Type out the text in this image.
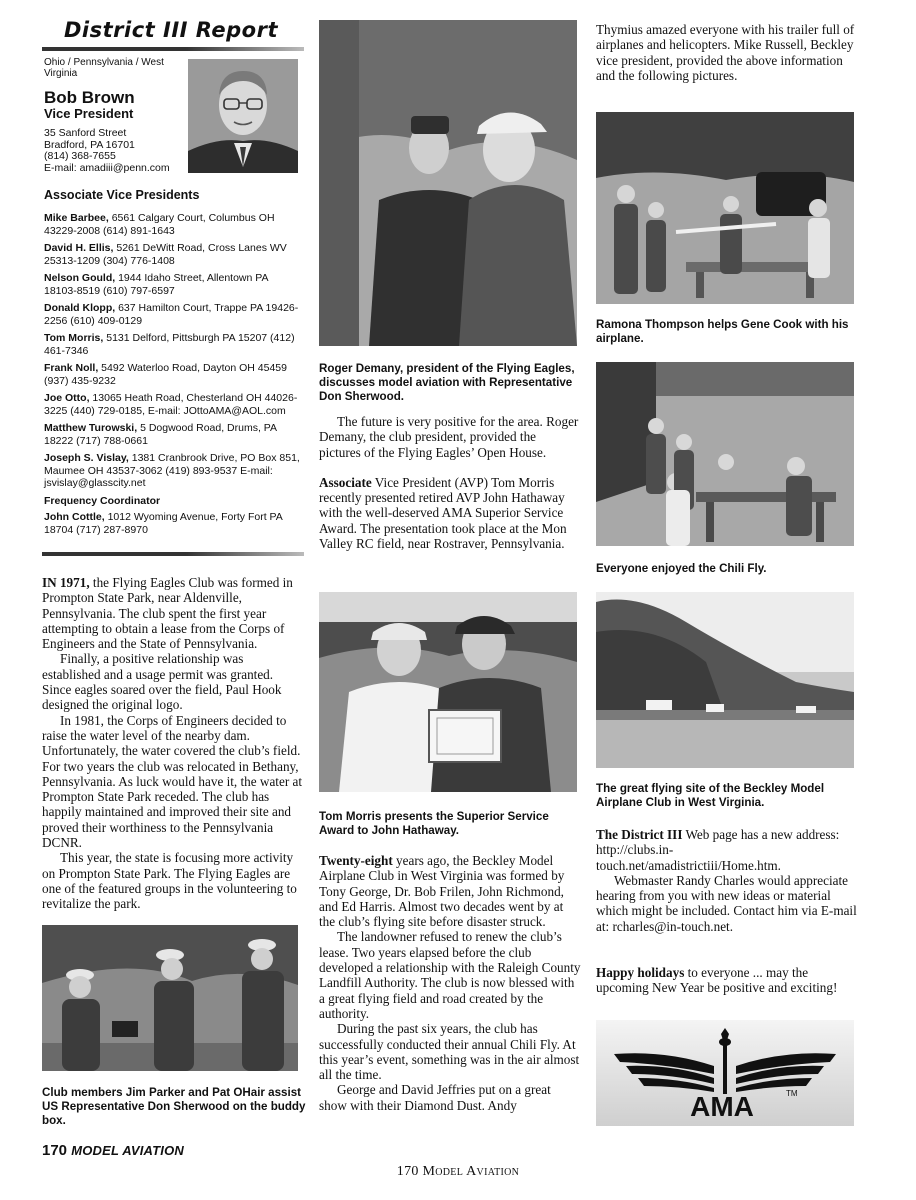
District III Report
Ohio / Pennsylvania / West Virginia
Bob Brown
Vice President
35 Sanford Street
Bradford, PA 16701
(814) 368-7655
E-mail: amadiii@penn.com
Associate Vice Presidents
Mike Barbee, 6561 Calgary Court, Columbus OH 43229-2008 (614) 891-1643
David H. Ellis, 5261 DeWitt Road, Cross Lanes WV 25313-1209 (304) 776-1408
Nelson Gould, 1944 Idaho Street, Allentown PA 18103-8519 (610) 797-6597
Donald Klopp, 637 Hamilton Court, Trappe PA 19426-2256 (610) 409-0129
Tom Morris, 5131 Delford, Pittsburgh PA 15207 (412) 461-7346
Frank Noll, 5492 Waterloo Road, Dayton OH 45459 (937) 435-9232
Joe Otto, 13065 Heath Road, Chesterland OH 44026-3225 (440) 729-0185, E-mail: JOttoAMA@AOL.com
Matthew Turowski, 5 Dogwood Road, Drums, PA 18222 (717) 788-0661
Joseph S. Vislay, 1381 Cranbrook Drive, PO Box 851, Maumee OH 43537-3062 (419) 893-9537 E-mail: jsvislay@glasscity.net
Frequency Coordinator
John Cottle, 1012 Wyoming Avenue, Forty Fort PA 18704 (717) 287-8970

IN 1971, the Flying Eagles Club was formed in Prompton State Park, near Aldenville, Pennsylvania. The club spent the first year attempting to obtain a lease from the Corps of Engineers and the State of Pennsylvania.

Finally, a positive relationship was established and a usage permit was granted. Since eagles soared over the field, Paul Hook designed the original logo.

In 1981, the Corps of Engineers decided to raise the water level of the nearby dam. Unfortunately, the water covered the club’s field. For two years the club was relocated in Bethany, Pennsylvania. As luck would have it, the water at Prompton State Park receded. The club has happily maintained and improved their site and proved their worthiness to the Pennsylvania DCNR.

This year, the state is focusing more activity on Prompton State Park. The Flying Eagles are one of the featured groups in the volunteering to revitalize the park.

Club members Jim Parker and Pat OHair assist US Representative Don Sherwood on the buddy box.
Roger Demany, president of the Flying Eagles, discusses model aviation with Representative Don Sherwood.

The future is very positive for the area. Roger Demany, the club president, provided the pictures of the Flying Eagles’ Open House.

Associate Vice President (AVP) Tom Morris recently presented retired AVP John Hathaway with the well-deserved AMA Superior Service Award. The presentation took place at the Mon Valley RC field, near Rostraver, Pennsylvania.

Tom Morris presents the Superior Service Award to John Hathaway.

Twenty-eight years ago, the Beckley Model Airplane Club in West Virginia was formed by Tony George, Dr. Bob Frilen, John Richmond, and Ed Harris. Almost two decades went by at the club’s flying site before disaster struck.

The landowner refused to renew the club’s lease. Two years elapsed before the club developed a relationship with the Raleigh County Landfill Authority. The club is now blessed with a great flying field and road created by the authority.

During the past six years, the club has successfully conducted their annual Chili Fly. At this year’s event, something was in the air almost all the time.

George and David Jeffries put on a great show with their Diamond Dust. Andy

Thymius amazed everyone with his trailer full of airplanes and helicopters. Mike Russell, Beckley vice president, provided the above information and the following pictures.

Ramona Thompson helps Gene Cook with his airplane.
Everyone enjoyed the Chili Fly.
The great flying site of the Beckley Model Airplane Club in West Virginia.

The District III Web page has a new address: http://clubs.in-touch.net/amadistrictiii/Home.htm.

Webmaster Randy Charles would appreciate hearing from you with new ideas or material which might be included. Contact him via E-mail at: rcharles@in-touch.net.

Happy holidays to everyone ... may the upcoming New Year be positive and exciting!

AMA	TM
170 MODEL AVIATION
170 Model Aviation
